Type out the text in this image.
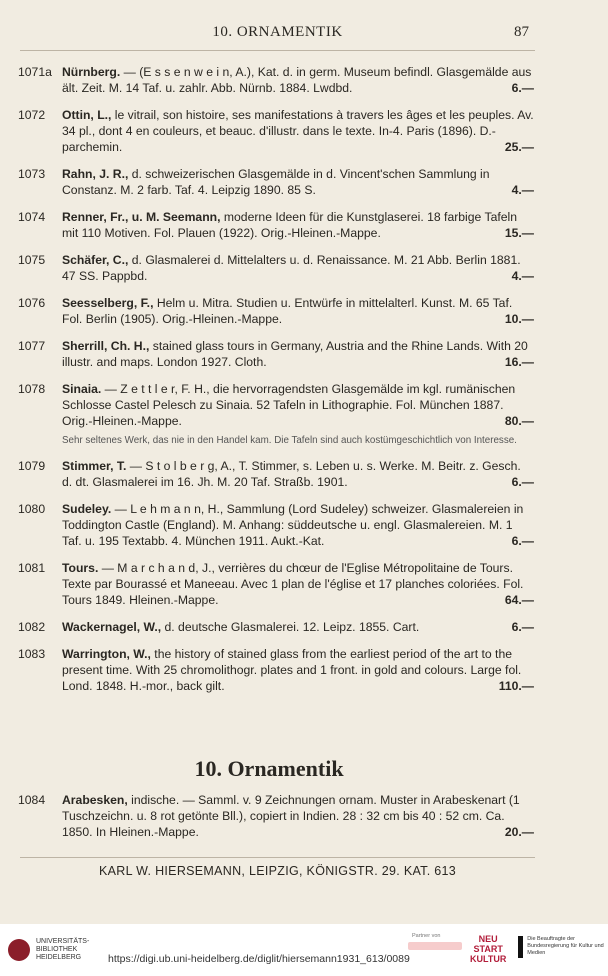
10. ORNAMENTIK	87
1071a Nürnberg. — (E s s e n w e i n, A.), Kat. d. in germ. Museum befindl. Glasgemälde aus ält. Zeit. M. 14 Taf. u. zahlr. Abb. Nürnb. 1884. Lwdbd.	6.—
1072	Ottin, L., le vitrail, son histoire, ses manifestations à travers les âges et les peuples. Av. 34 pl., dont 4 en couleurs, et beauc. d'illustr. dans le texte. In-4. Paris (1896). D.-parchemin.	25.—
1073	Rahn, J. R., d. schweizerischen Glasgemälde in d. Vincent'schen Sammlung in Constanz. M. 2 farb. Taf. 4. Leipzig 1890. 85 S.	4.—
1074	Renner, Fr., u. M. Seemann, moderne Ideen für die Kunstglaserei. 18 farbige Tafeln mit 110 Motiven. Fol. Plauen (1922). Orig.-Hleinen.-Mappe.	15.—
1075	Schäfer, C., d. Glasmalerei d. Mittelalters u. d. Renaissance. M. 21 Abb. Berlin 1881. 47 SS. Pappbd.	4.—
1076	Seesselberg, F., Helm u. Mitra. Studien u. Entwürfe in mittelalterl. Kunst. M. 65 Taf. Fol. Berlin (1905). Orig.-Hleinen.-Mappe.	10.—
1077	Sherrill, Ch. H., stained glass tours in Germany, Austria and the Rhine Lands. With 20 illustr. and maps. London 1927. Cloth.	16.—
1078	Sinaia. — Z e t t l e r, F. H., die hervorragendsten Glasgemälde im kgl. rumänischen Schlosse Castel Pelesch zu Sinaia. 52 Tafeln in Lithographie. Fol. München 1887. Orig.-Hleinen.-Mappe.	80.—
Sehr seltenes Werk, das nie in den Handel kam. Die Tafeln sind auch kostümgeschichtlich von Interesse.
1079	Stimmer, T. — S t o l b e r g, A., T. Stimmer, s. Leben u. s. Werke. M. Beitr. z. Gesch. d. dt. Glasmalerei im 16. Jh. M. 20 Taf. Straßb. 1901.	6.—
1080	Sudeley. — L e h m a n n, H., Sammlung (Lord Sudeley) schweizer. Glasmalereien in Toddington Castle (England). M. Anhang: süddeutsche u. engl. Glasmalereien. M. 1 Taf. u. 195 Textabb. 4. München 1911. Aukt.-Kat.	6.—
1081	Tours. — M a r c h a n d, J., verrières du chœur de l'Eglise Métropolitaine de Tours. Texte par Bourassé et Maneeau. Avec 1 plan de l'église et 17 planches coloriées. Fol. Tours 1849. Hleinen.-Mappe.	64.—
1082	Wackernagel, W., d. deutsche Glasmalerei. 12. Leipz. 1855. Cart.	6.—
1083	Warrington, W., the history of stained glass from the earliest period of the art to the present time. With 25 chromolithogr. plates and 1 front. in gold and colours. Large fol. Lond. 1848. H.-mor., back gilt.	110.—
10. Ornamentik
1084	Arabesken, indische. — Samml. v. 9 Zeichnungen ornam. Muster in Arabeskenart (1 Tuschzeichn. u. 8 rot getönte Bll.), copiert in Indien. 28 : 32 cm bis 40 : 52 cm. Ca. 1850. In Hleinen.-Mappe.	20.—
KARL W. HIERSEMANN, LEIPZIG, KÖNIGSTR. 29. KAT. 613
UNIVERSITÄTS-
BIBLIOTHEK
HEIDELBERG
NEU
START
KULTUR
Die Beauftragte der Bundesregierung für Kultur und Medien
Partner von
https://digi.ub.uni-heidelberg.de/diglit/hiersemann1931_613/0089
